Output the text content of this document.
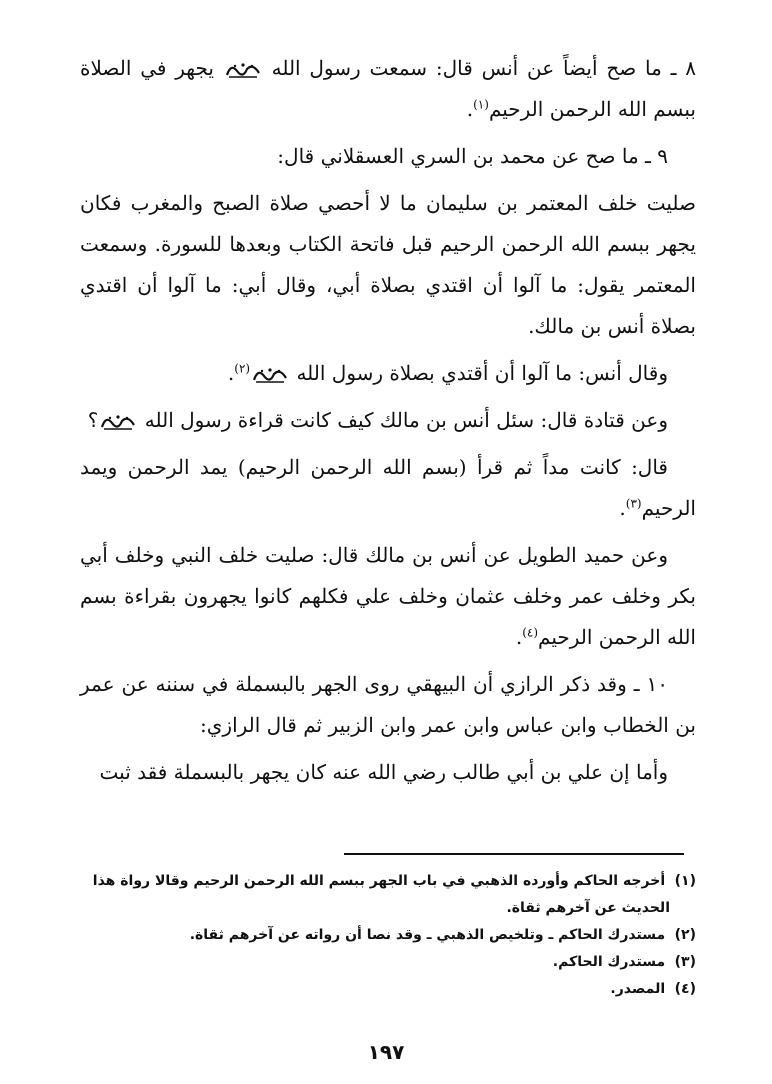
٨ ـ ما صح أيضاً عن أنس قال: سمعت رسول الله
يجهر في الصلاة ببسم الله الرحمن الرحيم$^{(١)}$.

٩ ـ ما صح عن محمد بن السري العسقلاني قال:

صليت خلف المعتمر بن سليمان ما لا أحصي صلاة الصبح والمغرب فكان يجهر ببسم الله الرحمن الرحيم قبل فاتحة الكتاب وبعدها للسورة. وسمعت المعتمر يقول: ما آلوا أن اقتدي بصلاة أبي، وقال أبي: ما آلوا أن اقتدي بصلاة أنس بن مالك.

وقال أنس: ما آلوا أن أقتدي بصلاة رسول الله
$^{(٢)}$.

وعن قتادة قال: سئل أنس بن مالك كيف كانت قراءة رسول الله
؟

قال: كانت مداً ثم قرأ (بسم الله الرحمن الرحيم) يمد الرحمن ويمد الرحيم$^{(٣)}$.

وعن حميد الطويل عن أنس بن مالك قال: صليت خلف النبي وخلف أبي بكر وخلف عمر وخلف عثمان وخلف علي فكلهم كانوا يجهرون بقراءة بسم الله الرحمن الرحيم$^{(٤)}$.

١٠ ـ وقد ذكر الرازي أن البيهقي روى الجهر بالبسملة في سننه عن عمر بن الخطاب وابن عباس وابن عمر وابن الزبير ثم قال الرازي:

وأما إن علي بن أبي طالب رضي الله عنه كان يجهر بالبسملة فقد ثبت

(١) أخرجه الحاكم وأورده الذهبي في باب الجهر ببسم الله الرحمن الرحيم وقالا رواة هذا

الحديث عن آخرهم ثقاة.

(٢) مستدرك الحاكم ـ وتلخيص الذهبي ـ وقد نصا أن رواته عن آخرهم ثقاة.

(٣) مستدرك الحاكم.

(٤) المصدر.

١٩٧
